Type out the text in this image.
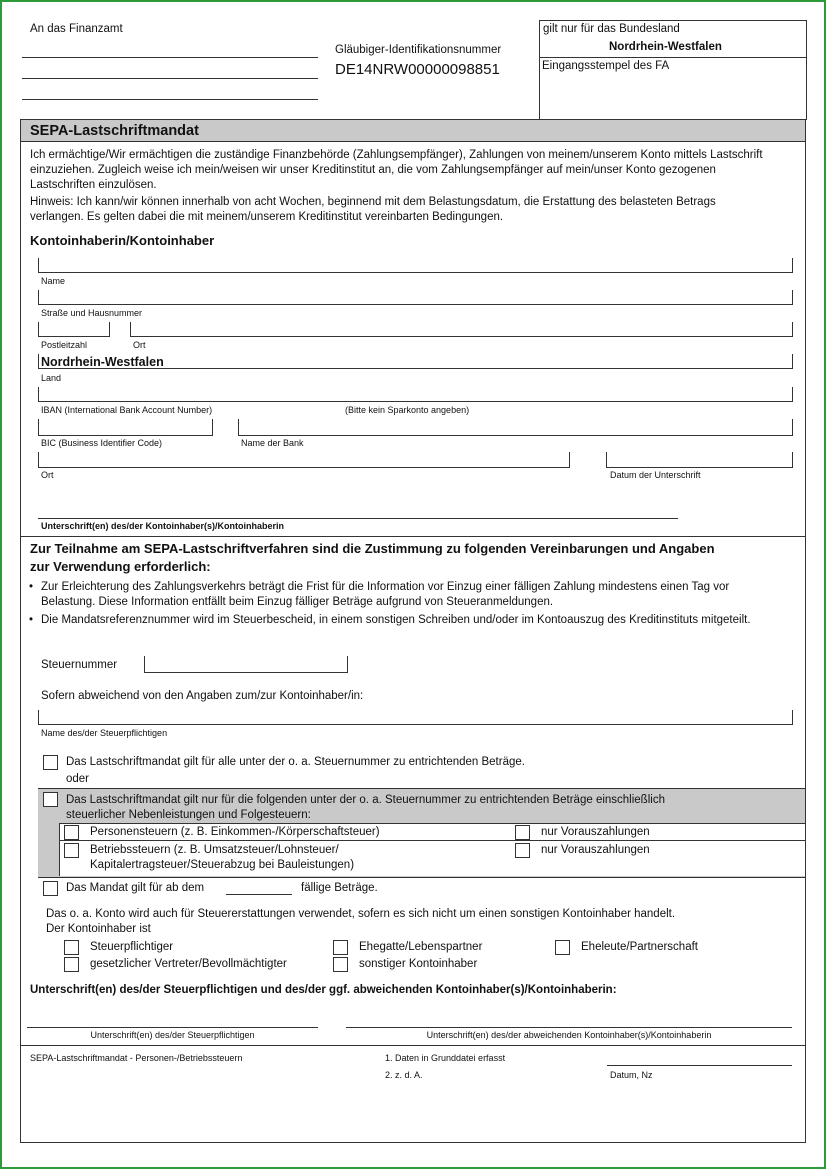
An das Finanzamt
Gläubiger-Identifikationsnummer
DE14NRW00000098851
gilt nur für das Bundesland
Nordrhein-Westfalen
Eingangsstempel des FA
SEPA-Lastschriftmandat
Ich ermächtige/Wir ermächtigen die zuständige Finanzbehörde (Zahlungsempfänger), Zahlungen von meinem/unserem Konto mittels Lastschrift
einzuziehen. Zugleich weise ich mein/weisen wir unser Kreditinstitut an, die vom Zahlungsempfänger auf mein/unser Konto gezogenen
Lastschriften einzulösen.
Hinweis: Ich kann/wir können innerhalb von acht Wochen, beginnend mit dem Belastungsdatum, die Erstattung des belasteten Betrags
verlangen. Es gelten dabei die mit meinem/unserem Kreditinstitut vereinbarten Bedingungen.
Kontoinhaberin/Kontoinhaber
Name
Straße und Hausnummer
Postleitzahl	Ort
Nordrhein-Westfalen
Land
IBAN (International Bank Account Number)	(Bitte kein Sparkonto angeben)
BIC (Business Identifier Code)	Name der Bank
Ort	Datum der Unterschrift
Unterschrift(en) des/der Kontoinhaber(s)/Kontoinhaberin
Zur Teilnahme am SEPA-Lastschriftverfahren sind die Zustimmung zu folgenden Vereinbarungen und Angaben
zur Verwendung erforderlich:
• Zur Erleichterung des Zahlungsverkehrs beträgt die Frist für die Information vor Einzug einer fälligen Zahlung mindestens einen Tag vor
Belastung. Diese Information entfällt beim Einzug fälliger Beträge aufgrund von Steueranmeldungen.
• Die Mandatsreferenznummer wird im Steuerbescheid, in einem sonstigen Schreiben und/oder im Kontoauszug des Kreditinstituts mitgeteilt.
Steuernummer
Sofern abweichend von den Angaben zum/zur Kontoinhaber/in:
Name des/der Steuerpflichtigen
Das Lastschriftmandat gilt für alle unter der o. a. Steuernummer zu entrichtenden Beträge.
oder
Das Lastschriftmandat gilt nur für die folgenden unter der o. a. Steuernummer zu entrichtenden Beträge einschließlich
steuerlicher Nebenleistungen und Folgesteuern:
Personensteuern (z. B. Einkommen-/Körperschaftsteuer)	nur Vorauszahlungen
Betriebssteuern (z. B. Umsatzsteuer/Lohnsteuer/
Kapitalertragsteuer/Steuerabzug bei Bauleistungen)
nur Vorauszahlungen
Das Mandat gilt für ab dem	fällige Beträge.
Das o. a. Konto wird auch für Steuererstattungen verwendet, sofern es sich nicht um einen sonstigen Kontoinhaber handelt.
Der Kontoinhaber ist
Steuerpflichtiger	Ehegatte/Lebenspartner	Eheleute/Partnerschaft
gesetzlicher Vertreter/Bevollmächtigter	sonstiger Kontoinhaber
Unterschrift(en) des/der Steuerpflichtigen und des/der ggf. abweichenden Kontoinhaber(s)/Kontoinhaberin:
Unterschrift(en) des/der Steuerpflichtigen	Unterschrift(en) des/der abweichenden Kontoinhaber(s)/Kontoinhaberin
SEPA-Lastschriftmandat - Personen-/Betriebssteuern	1. Daten in Grunddatei erfasst
2. z. d. A.	Datum, Nz
